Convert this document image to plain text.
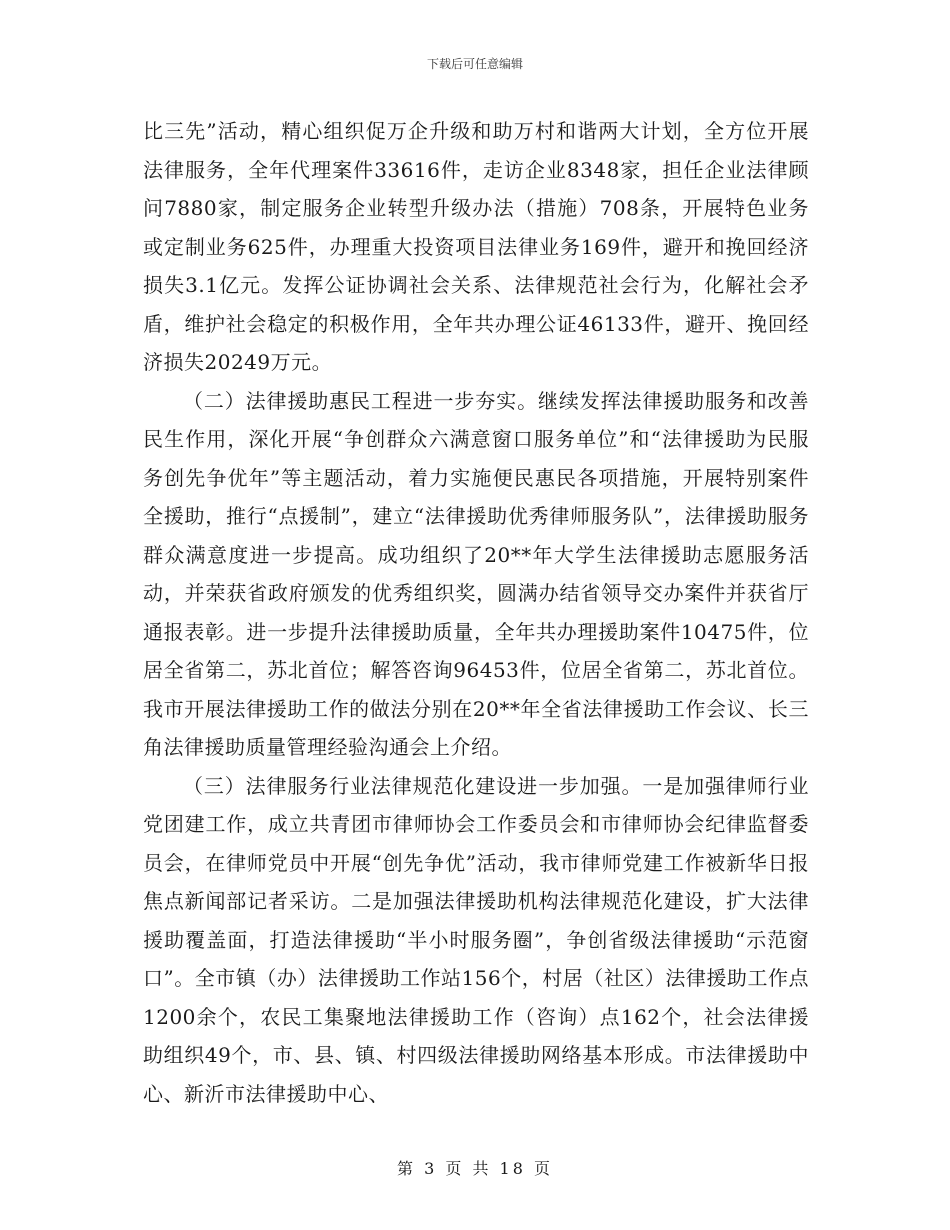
下载后可任意编辑

比三先”活动，精心组织促万企升级和助万村和谐两大计划，全方位开展法律服务，全年代理案件33616件，走访企业8348家，担任企业法律顾问7880家，制定服务企业转型升级办法（措施）708条，开展特色业务或定制业务625件，办理重大投资项目法律业务169件，避开和挽回经济损失3.1亿元。发挥公证协调社会关系、法律规范社会行为，化解社会矛盾，维护社会稳定的积极作用，全年共办理公证46133件，避开、挽回经济损失20249万元。

（二）法律援助惠民工程进一步夯实。继续发挥法律援助服务和改善民生作用，深化开展“争创群众六满意窗口服务单位”和“法律援助为民服务创先争优年”等主题活动，着力实施便民惠民各项措施，开展特别案件全援助，推行“点援制”，建立“法律援助优秀律师服务队”，法律援助服务群众满意度进一步提高。成功组织了20**年大学生法律援助志愿服务活动，并荣获省政府颁发的优秀组织奖，圆满办结省领导交办案件并获省厅通报表彰。进一步提升法律援助质量，全年共办理援助案件10475件，位居全省第二，苏北首位；解答咨询96453件，位居全省第二，苏北首位。我市开展法律援助工作的做法分别在20**年全省法律援助工作会议、长三角法律援助质量管理经验沟通会上介绍。

（三）法律服务行业法律规范化建设进一步加强。一是加强律师行业党团建工作，成立共青团市律师协会工作委员会和市律师协会纪律监督委员会，在律师党员中开展“创先争优”活动，我市律师党建工作被新华日报焦点新闻部记者采访。二是加强法律援助机构法律规范化建设，扩大法律援助覆盖面，打造法律援助“半小时服务圈”，争创省级法律援助“示范窗口”。全市镇（办）法律援助工作站156个，村居（社区）法律援助工作点1200余个，农民工集聚地法律援助工作（咨询）点162个，社会法律援助组织49个，市、县、镇、村四级法律援助网络基本形成。市法律援助中心、新沂市法律援助中心、

第 3 页 共 18 页
